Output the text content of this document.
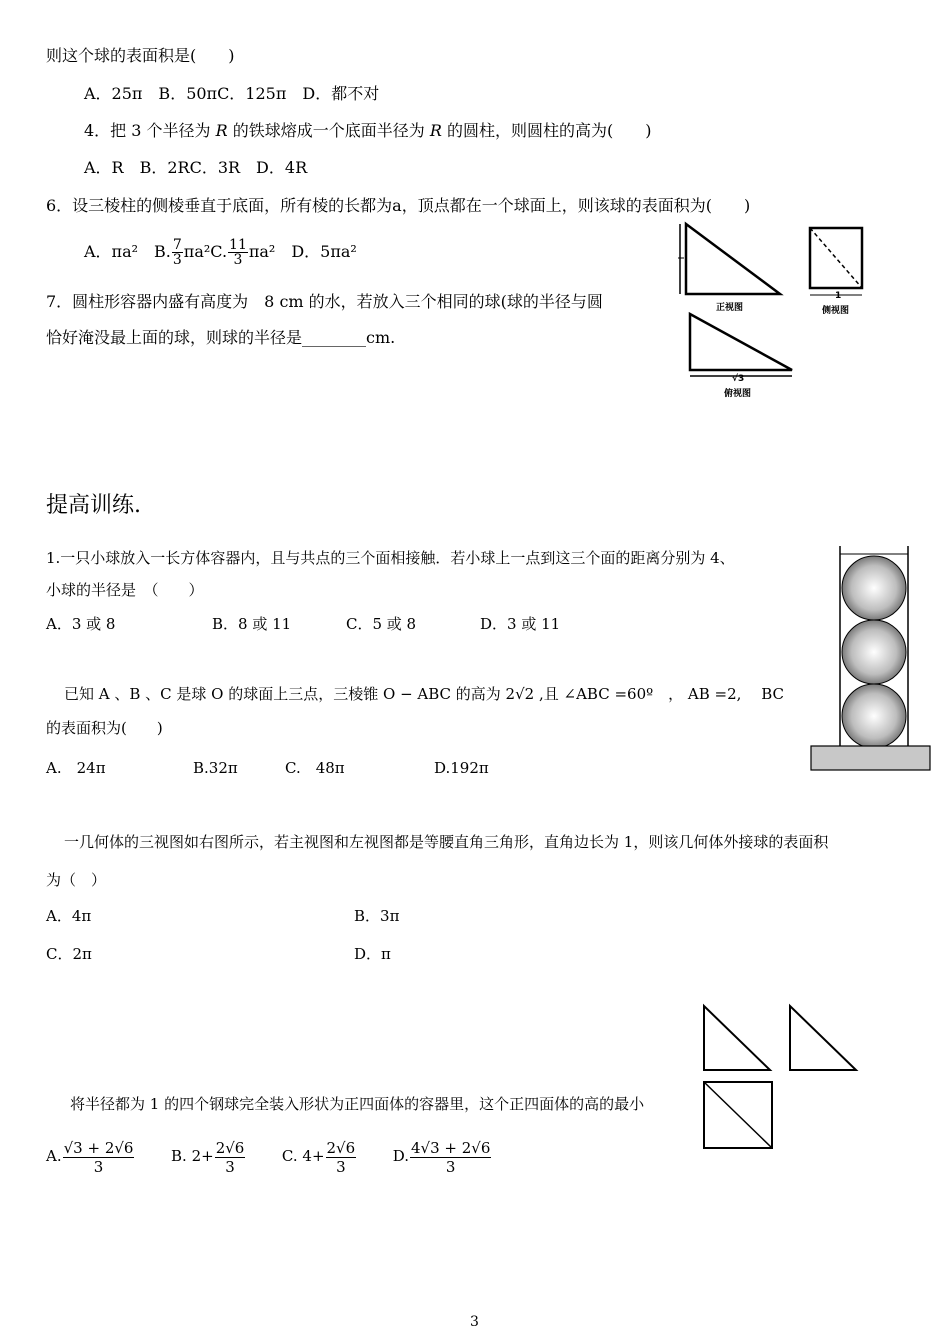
则这个球的表面积是(　　)
A．25π　B．50πC．125π　D．都不对
4．把 3 个半径为 R 的铁球熔成一个底面半径为 R 的圆柱，则圆柱的高为(　　)
A．R　B．2RC．3R　D．4R
6．设三棱柱的侧棱垂直于底面，所有棱的长都为a，顶点都在一个球面上，则该球的表面积为(　　)
A．πa²　B. $\frac{7}{3} \pi a^2C$. $\frac{11}{3} \pi a^2$　D．5πa²
7．圆柱形容器内盛有高度为　8 cm 的水，若放入三个相同的球(球的半径与圆
恰好淹没最上面的球，则球的半径是________cm.
正视图
1
侧视图
√3
俯视图
提高训练.
1.一只小球放入一长方体容器内，且与共点的三个面相接触．若小球上一点到这三个面的距离分别为 4、
小球的半径是　（　　）
A．3 或 8	B．8 或 11	C．5 或 8	D．3 或 11
已知 A 、B 、C 是球 O 的球面上三点，三棱锥 O − ABC 的高为 2√2 ,且 ∠ABC =60º　， AB =2,　 BC
的表面积为(　　)
A.　24π	B.32π	C.　48π	D.192π
一几何体的三视图如右图所示，若主视图和左视图都是等腰直角三角形，直角边长为 1，则该几何体外接球的表面积
为（　）
A．4π	B．3π
C．2π	D．π
将半径都为 1 的四个钢球完全装入形状为正四面体的容器里，这个正四面体的高的最小
A. $\frac{√3 + 2√6}{3} B$. $2+ \frac{2√6}{3} C$. $4+ \frac{2√6}{3} D$. $\frac{4√3 + 2√6}{3}$
3
